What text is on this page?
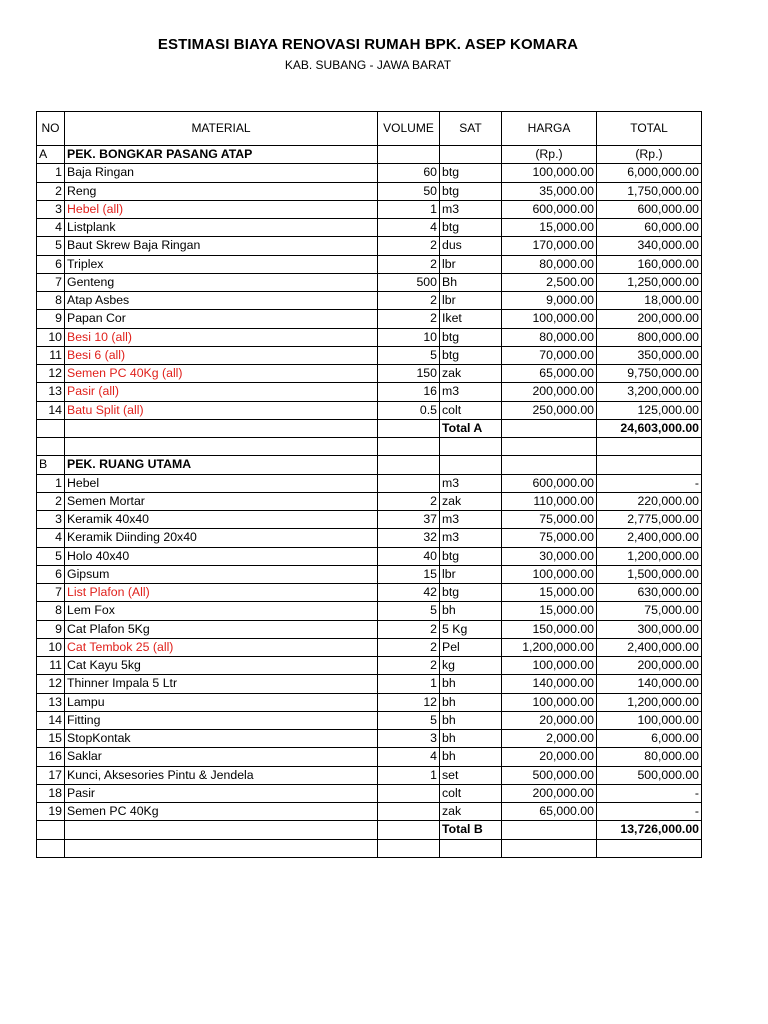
ESTIMASI BIAYA RENOVASI RUMAH BPK. ASEP KOMARA
KAB. SUBANG - JAWA BARAT
NO	MATERIAL	VOLUME	SAT	HARGA	TOTAL
A	PEK. BONGKAR PASANG ATAP			(Rp.)	(Rp.)
1	Baja Ringan	60	btg	100,000.00	6,000,000.00
2	Reng	50	btg	35,000.00	1,750,000.00
3	Hebel (all)	1	m3	600,000.00	600,000.00
4	Listplank	4	btg	15,000.00	60,000.00
5	Baut Skrew Baja Ringan	2	dus	170,000.00	340,000.00
6	Triplex	2	lbr	80,000.00	160,000.00
7	Genteng	500	Bh	2,500.00	1,250,000.00
8	Atap Asbes	2	lbr	9,000.00	18,000.00
9	Papan Cor	2	Iket	100,000.00	200,000.00
10	Besi 10 (all)	10	btg	80,000.00	800,000.00
11	Besi 6 (all)	5	btg	70,000.00	350,000.00
12	Semen PC 40Kg (all)	150	zak	65,000.00	9,750,000.00
13	Pasir (all)	16	m3	200,000.00	3,200,000.00
14	Batu Split (all)	0.5	colt	250,000.00	125,000.00
			Total A		24,603,000.00

B	PEK. RUANG UTAMA				
1	Hebel		m3	600,000.00	-
2	Semen Mortar	2	zak	110,000.00	220,000.00
3	Keramik 40x40	37	m3	75,000.00	2,775,000.00
4	Keramik Diinding 20x40	32	m3	75,000.00	2,400,000.00
5	Holo 40x40	40	btg	30,000.00	1,200,000.00
6	Gipsum	15	lbr	100,000.00	1,500,000.00
7	List Plafon (All)	42	btg	15,000.00	630,000.00
8	Lem Fox	5	bh	15,000.00	75,000.00
9	Cat Plafon 5Kg	2	5 Kg	150,000.00	300,000.00
10	Cat Tembok 25 (all)	2	Pel	1,200,000.00	2,400,000.00
11	Cat Kayu 5kg	2	kg	100,000.00	200,000.00
12	Thinner Impala 5 Ltr	1	bh	140,000.00	140,000.00
13	Lampu	12	bh	100,000.00	1,200,000.00
14	Fitting	5	bh	20,000.00	100,000.00
15	StopKontak	3	bh	2,000.00	6,000.00
16	Saklar	4	bh	20,000.00	80,000.00
17	Kunci, Aksesories Pintu & Jendela	1	set	500,000.00	500,000.00
18	Pasir		colt	200,000.00	-
19	Semen PC 40Kg		zak	65,000.00	-
			Total B		13,726,000.00
